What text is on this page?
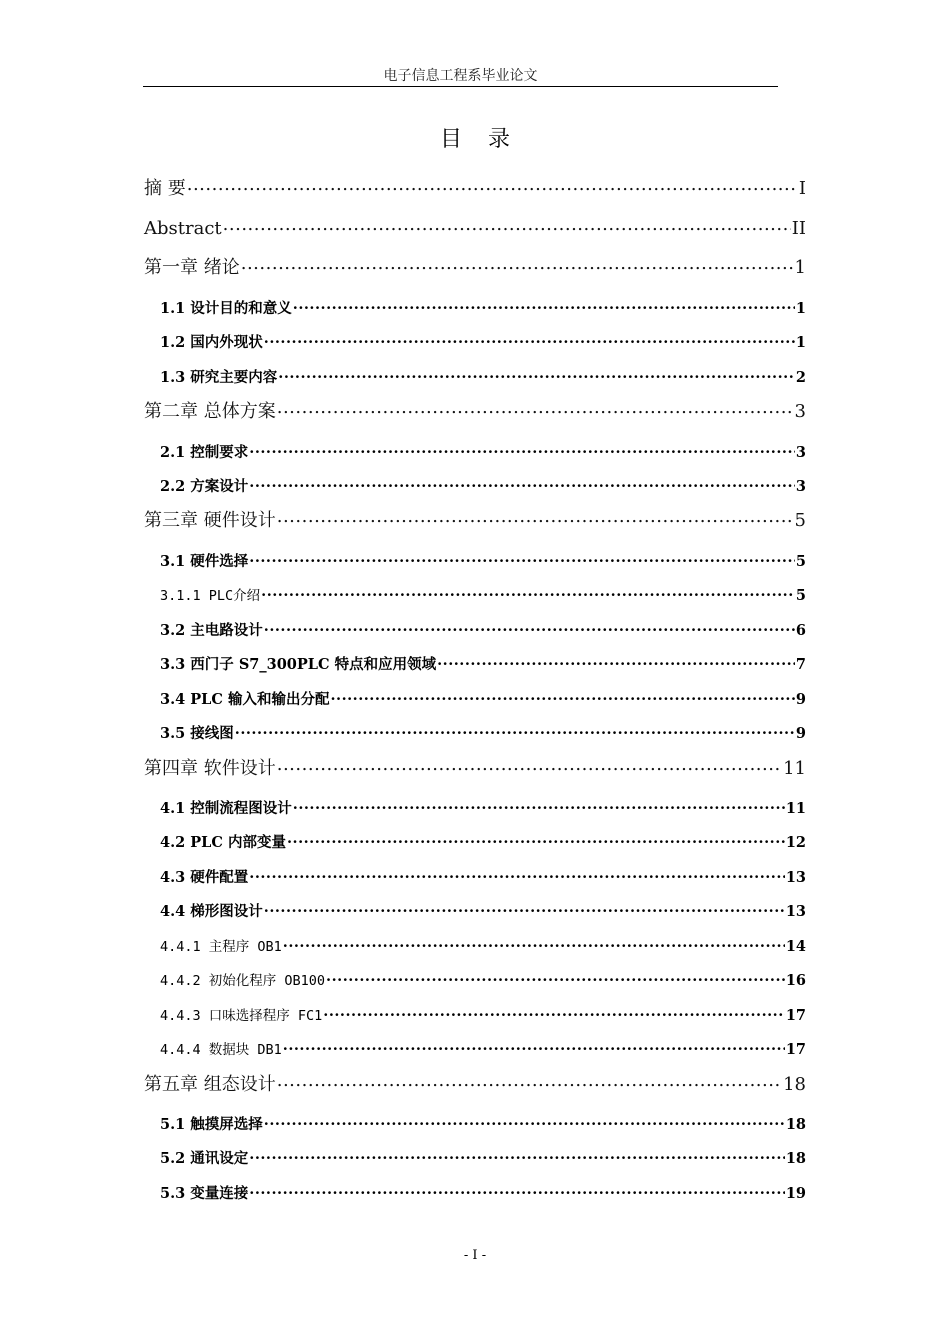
电子信息工程系毕业论文
目录
摘 要 .....	I
Abstract .....	II
第一章 绪论 .....	1
1.1 设计目的和意义 .....	1
1.2 国内外现状 .....	1
1.3 研究主要内容 .....	2
第二章 总体方案 .....	3
2.1 控制要求 .....	3
2.2 方案设计 .....	3
第三章 硬件设计 .....	5
3.1 硬件选择 .....	5
3.1.1 PLC介绍 .....	5
3.2 主电路设计 .....	6
3.3 西门子 S7_300PLC 特点和应用领域 .....	7
3.4 PLC 输入和输出分配 .....	9
3.5 接线图 .....	9
第四章 软件设计 .....	11
4.1 控制流程图设计 .....	11
4.2 PLC 内部变量 .....	12
4.3 硬件配置 .....	13
4.4 梯形图设计 .....	13
4.4.1 主程序 OB1 .....	14
4.4.2 初始化程序 OB100 .....	16
4.4.3 口味选择程序 FC1 .....	17
4.4.4 数据块 DB1 .....	17
第五章 组态设计 .....	18
5.1 触摸屏选择 .....	18
5.2 通讯设定 .....	18
5.3 变量连接 .....	19
- I -
